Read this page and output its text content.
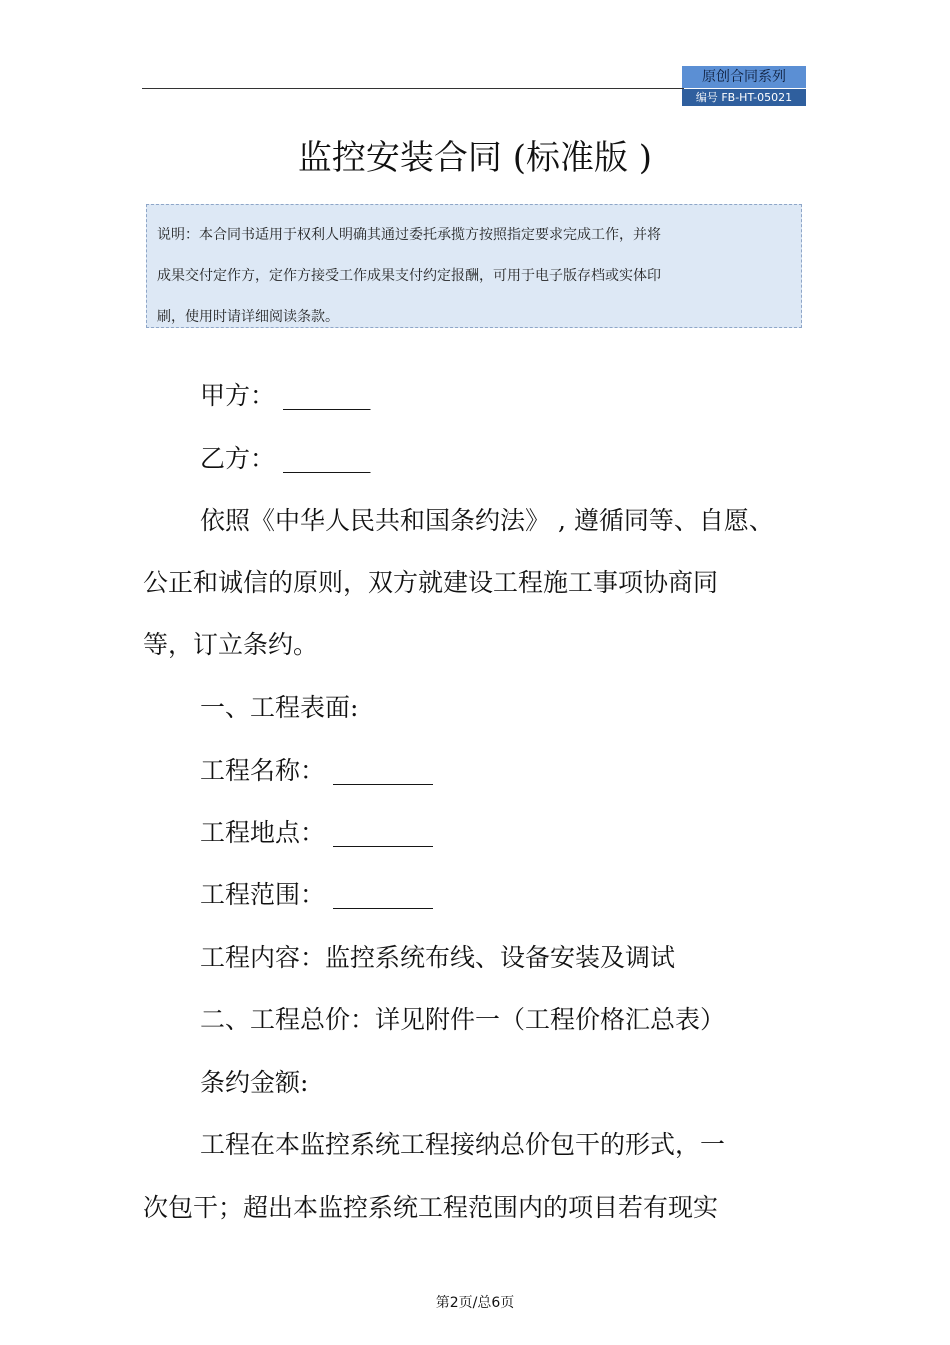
原创合同系列
编号 FB-HT-05021
监控安装合同 (标准版 )
说明：本合同书适用于权利人明确其通过委托承揽方按照指定要求完成工作，并将
成果交付定作方，定作方接受工作成果支付约定报酬，可用于电子版存档或实体印
刷，使用时请详细阅读条款。
甲方： _______
乙方： _______
依照《中华人民共和国条约法》 , 遵循同等、自愿、
公正和诚信的原则，双方就建设工程施工事项协商同
等，订立条约。
一、工程表面:
工程名称： ________
工程地点： ________
工程范围： ________
工程内容：监控系统布线、设备安装及调试
二、工程总价：详见附件一（工程价格汇总表）
条约金额:
工程在本监控系统工程接纳总价包干的形式，一
次包干；超出本监控系统工程范围内的项目若有现实
第2页/总6页
